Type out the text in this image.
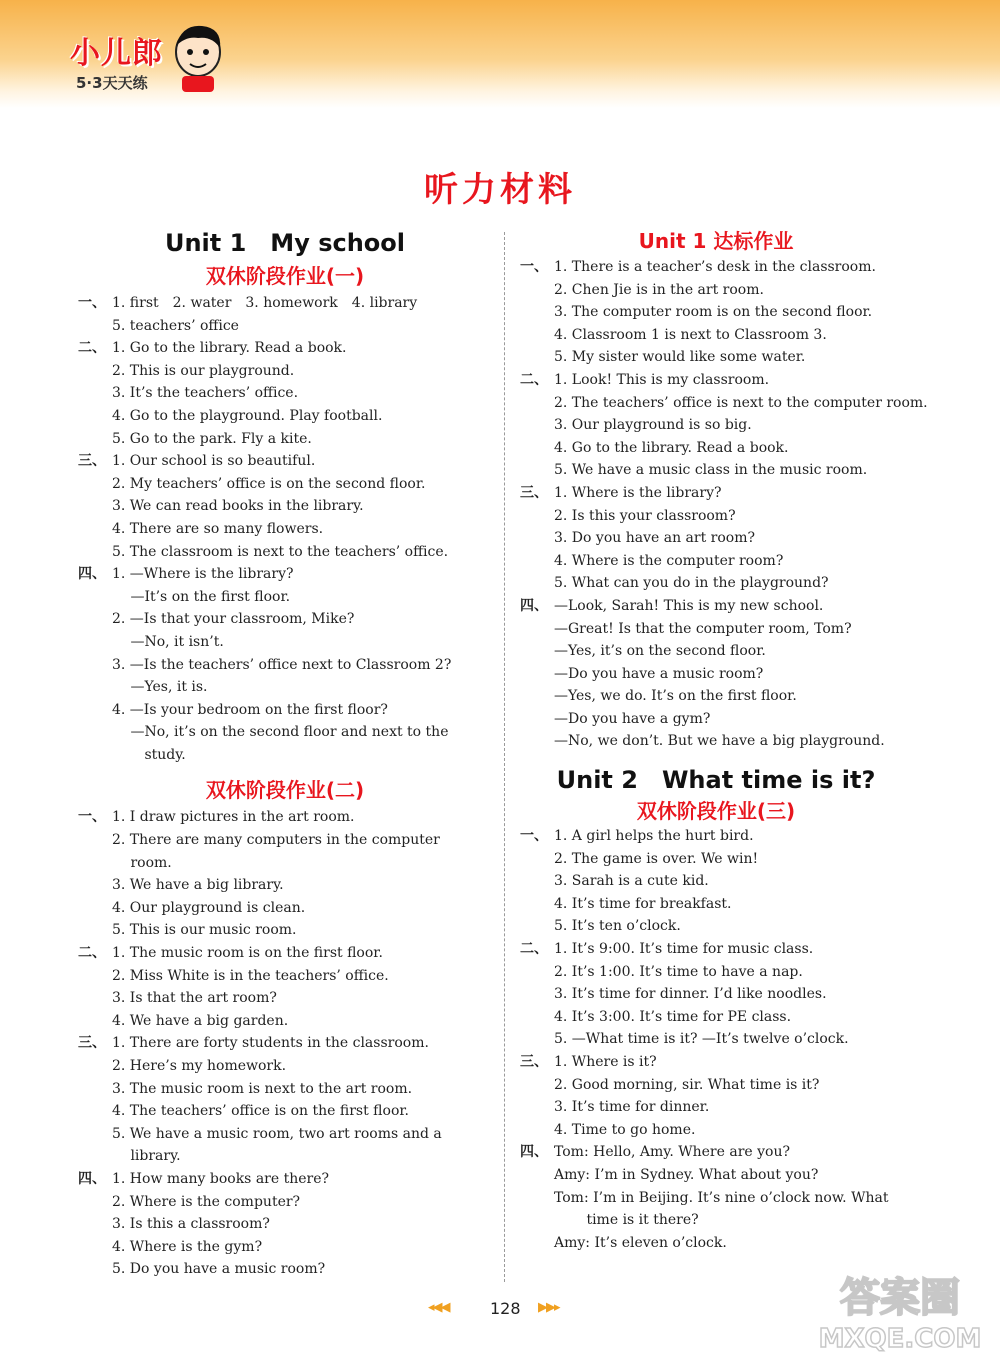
小儿郎
5·3天天练
听力材料
Unit 1　My school
双休阶段作业(一)
一、 1. first　2. water　3. homework　4. library
5. teachers’ office
二、 1. Go to the library. Read a book.
2. This is our playground.
3. It’s the teachers’ office.
4. Go to the playground. Play football.
5. Go to the park. Fly a kite.
三、 1. Our school is so beautiful.
2. My teachers’ office is on the second floor.
3. We can read books in the library.
4. There are so many flowers.
5. The classroom is next to the teachers’ office.
四、 1. —Where is the library?
　 —It’s on the first floor.
2. —Is that your classroom, Mike?
　 —No, it isn’t.
3. —Is the teachers’ office next to Classroom 2?
　 —Yes, it is.
4. —Is your bedroom on the first floor?
　 —No, it’s on the second floor and next to the
　　 study.
双休阶段作业(二)
一、 1. I draw pictures in the art room.
2. There are many computers in the computer
　 room.
3. We have a big library.
4. Our playground is clean.
5. This is our music room.
二、 1. The music room is on the first floor.
2. Miss White is in the teachers’ office.
3. Is that the art room?
4. We have a big garden.
三、 1. There are forty students in the classroom.
2. Here’s my homework.
3. The music room is next to the art room.
4. The teachers’ office is on the first floor.
5. We have a music room, two art rooms and a
　 library.
四、 1. How many books are there?
2. Where is the computer?
3. Is this a classroom?
4. Where is the gym?
5. Do you have a music room?
Unit 1 达标作业
一、 1. There is a teacher’s desk in the classroom.
2. Chen Jie is in the art room.
3. The computer room is on the second floor.
4. Classroom 1 is next to Classroom 3.
5. My sister would like some water.
二、 1. Look! This is my classroom.
2. The teachers’ office is next to the computer room.
3. Our playground is so big.
4. Go to the library. Read a book.
5. We have a music class in the music room.
三、 1. Where is the library?
2. Is this your classroom?
3. Do you have an art room?
4. Where is the computer room?
5. What can you do in the playground?
四、 —Look, Sarah! This is my new school.
—Great! Is that the computer room, Tom?
—Yes, it’s on the second floor.
—Do you have a music room?
—Yes, we do. It’s on the first floor.
—Do you have a gym?
—No, we don’t. But we have a big playground.
Unit 2　What time is it?
双休阶段作业(三)
一、 1. A girl helps the hurt bird.
2. The game is over. We win!
3. Sarah is a cute kid.
4. It’s time for breakfast.
5. It’s ten o’clock.
二、 1. It’s 9:00. It’s time for music class.
2. It’s 1:00. It’s time to have a nap.
3. It’s time for dinner. I’d like noodles.
4. It’s 3:00. It’s time for PE class.
5. —What time is it? —It’s twelve o’clock.
三、 1. Where is it?
2. Good morning, sir. What time is it?
3. It’s time for dinner.
4. Time to go home.
四、 Tom: Hello, Amy. Where are you?
Amy: I’m in Sydney. What about you?
Tom: I’m in Beijing. It’s nine o’clock now. What
　　 time is it there?
Amy: It’s eleven o’clock.
◂◀◀	128 ▶▶▸	答案圈
MXQE.COM
